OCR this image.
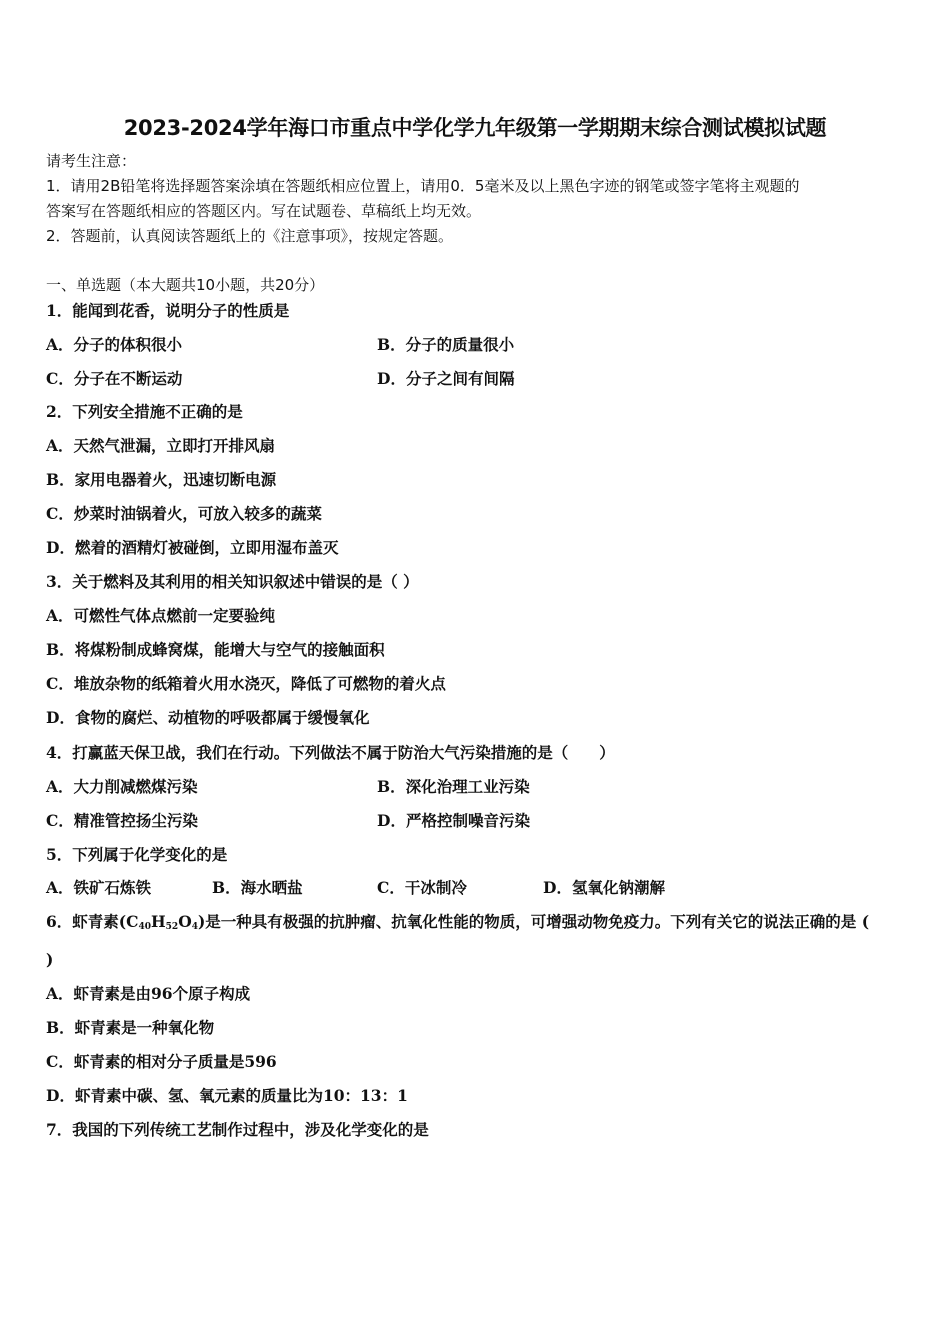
2023-2024学年海口市重点中学化学九年级第一学期期末综合测试模拟试题
请考生注意：
1．请用2B铅笔将选择题答案涂填在答题纸相应位置上，请用0．5毫米及以上黑色字迹的钢笔或签字笔将主观题的
答案写在答题纸相应的答题区内。写在试题卷、草稿纸上均无效。
2．答题前，认真阅读答题纸上的《注意事项》，按规定答题。
一、单选题（本大题共10小题，共20分）
1．能闻到花香，说明分子的性质是
A．分子的体积很小	B．分子的质量很小
C．分子在不断运动	D．分子之间有间隔
2．下列安全措施不正确的是
A．天然气泄漏，立即打开排风扇
B．家用电器着火，迅速切断电源
C．炒菜时油锅着火，可放入较多的蔬菜
D．燃着的酒精灯被碰倒，立即用湿布盖灭
3．关于燃料及其利用的相关知识叙述中错误的是（ ）
A．可燃性气体点燃前一定要验纯
B．将煤粉制成蜂窝煤，能增大与空气的接触面积
C．堆放杂物的纸箱着火用水浇灭，降低了可燃物的着火点
D．食物的腐烂、动植物的呼吸都属于缓慢氧化
4．打赢蓝天保卫战，我们在行动。下列做法不属于防治大气污染措施的是（　　）
A．大力削减燃煤污染	B．深化治理工业污染
C．精准管控扬尘污染	D．严格控制噪音污染
5．下列属于化学变化的是
A．铁矿石炼铁	B．海水晒盐	C．干冰制冷	D．氢氧化钠潮解
6．虾青素$(C_{40}H_{52}O_4)$是一种具有极强的抗肿瘤、抗氧化性能的物质，可增强动物免疫力。下列有关它的说法正确的是 (
)
A．虾青素是由96个原子构成
B．虾青素是一种氧化物
C．虾青素的相对分子质量是596
D．虾青素中碳、氢、氧元素的质量比为10：13：1
7．我国的下列传统工艺制作过程中，涉及化学变化的是
